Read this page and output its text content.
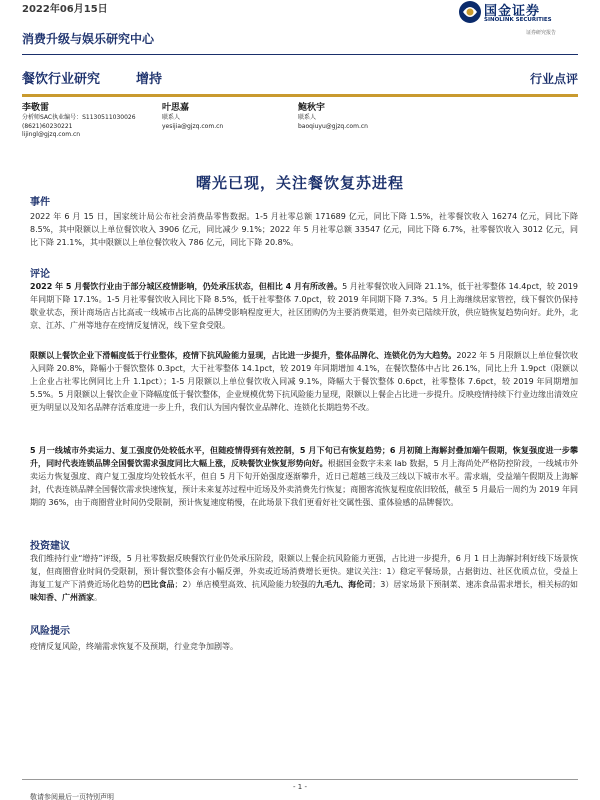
2022年06月15日	国金证券
SINOLINK SECURITIES
证券研究报告
消费升级与娱乐研究中心
餐饮行业研究	增持	行业点评
李敬雷
分析师SAC执业编号：S1130511030026
(8621)60230221
lijingl@gjzq.com.cn
叶思嘉
联系人
yesijia@gjzq.com.cn
鲍秋宇
联系人
baoqiuyu@gjzq.com.cn
曙光已现，关注餐饮复苏进程
事件
2022 年 6 月 15 日，国家统计局公布社会消费品零售数据。1-5 月社零总额 171689 亿元，同比下降 1.5%，社零餐饮收入 16274 亿元，同比下降 8.5%，其中限额以上单位餐饮收入 3906 亿元，同比减少 9.1%；2022 年 5 月社零总额 33547 亿元，同比下降 6.7%，社零餐饮收入 3012 亿元，同比下降 21.1%，其中限额以上单位餐饮收入 786 亿元，同比下降 20.8%。
评论
2022 年 5 月餐饮行业由于部分城区疫情影响，仍处承压状态，但相比 4 月有所改善。5 月社零餐饮收入同降 21.1%，低于社零整体 14.4pct，较 2019 年同期下降 17.1%。1-5 月社零餐饮收入同比下降 8.5%，低于社零整体 7.0pct，较 2019 年同期下降 7.3%。5 月上海继续居家管控，线下餐饮仍保持歇业状态，预计商场店占比高或一线城市占比高的品牌受影响程度更大，社区团购仍为主要消费渠道，但外卖已陆续开放，供应链恢复趋势向好。此外，北京、江苏、广州等地存在疫情反复情况，线下堂食受限。
限额以上餐饮企业下滑幅度低于行业整体，疫情下抗风险能力显现，占比进一步提升，整体品牌化、连锁化仍为大趋势。2022 年 5 月限额以上单位餐饮收入同降 20.8%，降幅小于餐饮整体 0.3pct，大于社零整体 14.1pct，较 2019 年同期增加 4.1%，在餐饮整体中占比 26.1%，同比上升 1.9pct（限额以上企业占社零比例同比上升 1.1pct）；1-5 月限额以上单位餐饮收入同减 9.1%，降幅大于餐饮整体 0.6pct，社零整体 7.6pct，较 2019 年同期增加 5.5%。5 月限额以上餐饮企业下降幅度低于餐饮整体，企业规模优势下抗风险能力显现，限额以上餐企占比进一步提升。反映疫情持续下行业边缘出清效应更为明显以及知名品牌存活难度进一步上升，我们认为国内餐饮业品牌化、连锁化长期趋势不改。
5 月一线城市外卖运力、复工强度仍处较低水平，但随疫情得到有效控制，5 月下旬已有恢复趋势；6 月初随上海解封叠加端午假期，恢复强度进一步攀升，同时代表连锁品牌全国餐饮需求强度同比大幅上涨，反映餐饮业恢复形势向好。根据国金数字未来 lab 数据，5 月上海尚处严格防控阶段，一线城市外卖运力恢复强度、商户复工强度均处较低水平，但自 5 月下旬开始强度逐渐攀升，近日已超越三线及三线以下城市水平。需求端，受益端午假期及上海解封，代表连锁品牌全国餐饮需求快速恢复，预计未来复苏过程中近场及外卖消费先行恢复；商圈客流恢复程度依旧较低，截至 5 月最后一周约为 2019 年同期的 36%，由于商圈营业时间仍受限制，预计恢复速度稍慢，在此场景下我们更看好社交属性强、重体验感的品牌餐饮。
投资建议
我们维持行业“增持”评级，5 月社零数据反映餐饮行业仍处承压阶段，限额以上餐企抗风险能力更强，占比进一步提升，6 月 1 日上海解封利好线下场景恢复，但商圈营业时间仍受限制，预计餐饮整体会有小幅反弹，外卖或近场消费增长更快。建议关注：1）稳定平餐场景，占据街边、社区优质点位，受益上海复工复产下消费近场化趋势的巴比食品；2）单店模型高效、抗风险能力较强的九毛九、海伦司；3）居家场景下预制菜、速冻食品需求增长，相关标的如味知香、广州酒家。
风险提示
疫情反复风险，终端需求恢复不及预期，行业竞争加剧等。
- 1 -
敬请参阅最后一页特别声明
